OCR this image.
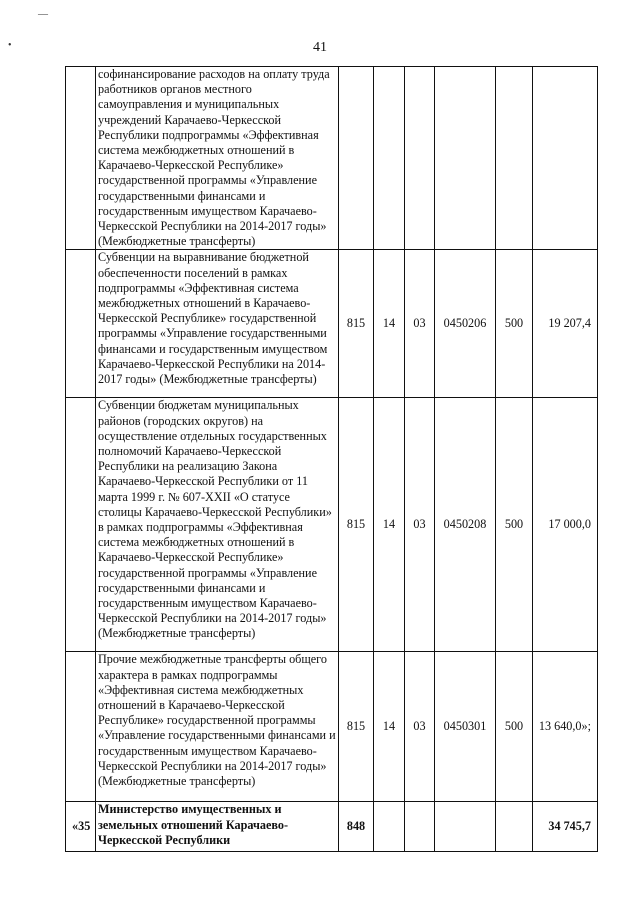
41
—
•
	софинансирование расходов на оплату труда работников органов местного самоуправления и муниципальных учреждений Карачаево-Черкесской Республики подпрограммы «Эффективная система межбюджетных отношений в Карачаево-Черкесской Республике» государственной программы «Управление государственными финансами и государственным имуществом Карачаево-Черкесской Республики на 2014-2017 годы» (Межбюджетные трансферты)						
	Субвенции на выравнивание бюджетной обеспеченности поселений в рамках подпрограммы «Эффективная система межбюджетных отношений в Карачаево-Черкесской Республике» государственной программы «Управление государственными финансами и государственным имуществом Карачаево-Черкесской Республики на 2014-2017 годы» (Межбюджетные трансферты)	815	14	03	0450206	500	19 207,4
	Субвенции бюджетам муниципальных районов (городских округов) на осуществление отдельных государственных полномочий Карачаево-Черкесской Республики на реализацию Закона Карачаево-Черкесской Республики от 11 марта 1999 г. № 607-XXII «О статусе столицы Карачаево-Черкесской Республики» в рамках подпрограммы «Эффективная система межбюджетных отношений в Карачаево-Черкесской Республике» государственной программы «Управление государственными финансами и государственным имуществом Карачаево-Черкесской Республики на 2014-2017 годы» (Межбюджетные трансферты)	815	14	03	0450208	500	17 000,0
	Прочие межбюджетные трансферты общего характера в рамках подпрограммы «Эффективная система межбюджетных отношений в Карачаево-Черкесской Республике» государственной программы «Управление государственными финансами и государственным имуществом Карачаево-Черкесской Республики на 2014-2017 годы» (Межбюджетные трансферты)	815	14	03	0450301	500	13 640,0»;
«35	Министерство имущественных и земельных отношений Карачаево-Черкесской Республики	848					34 745,7
